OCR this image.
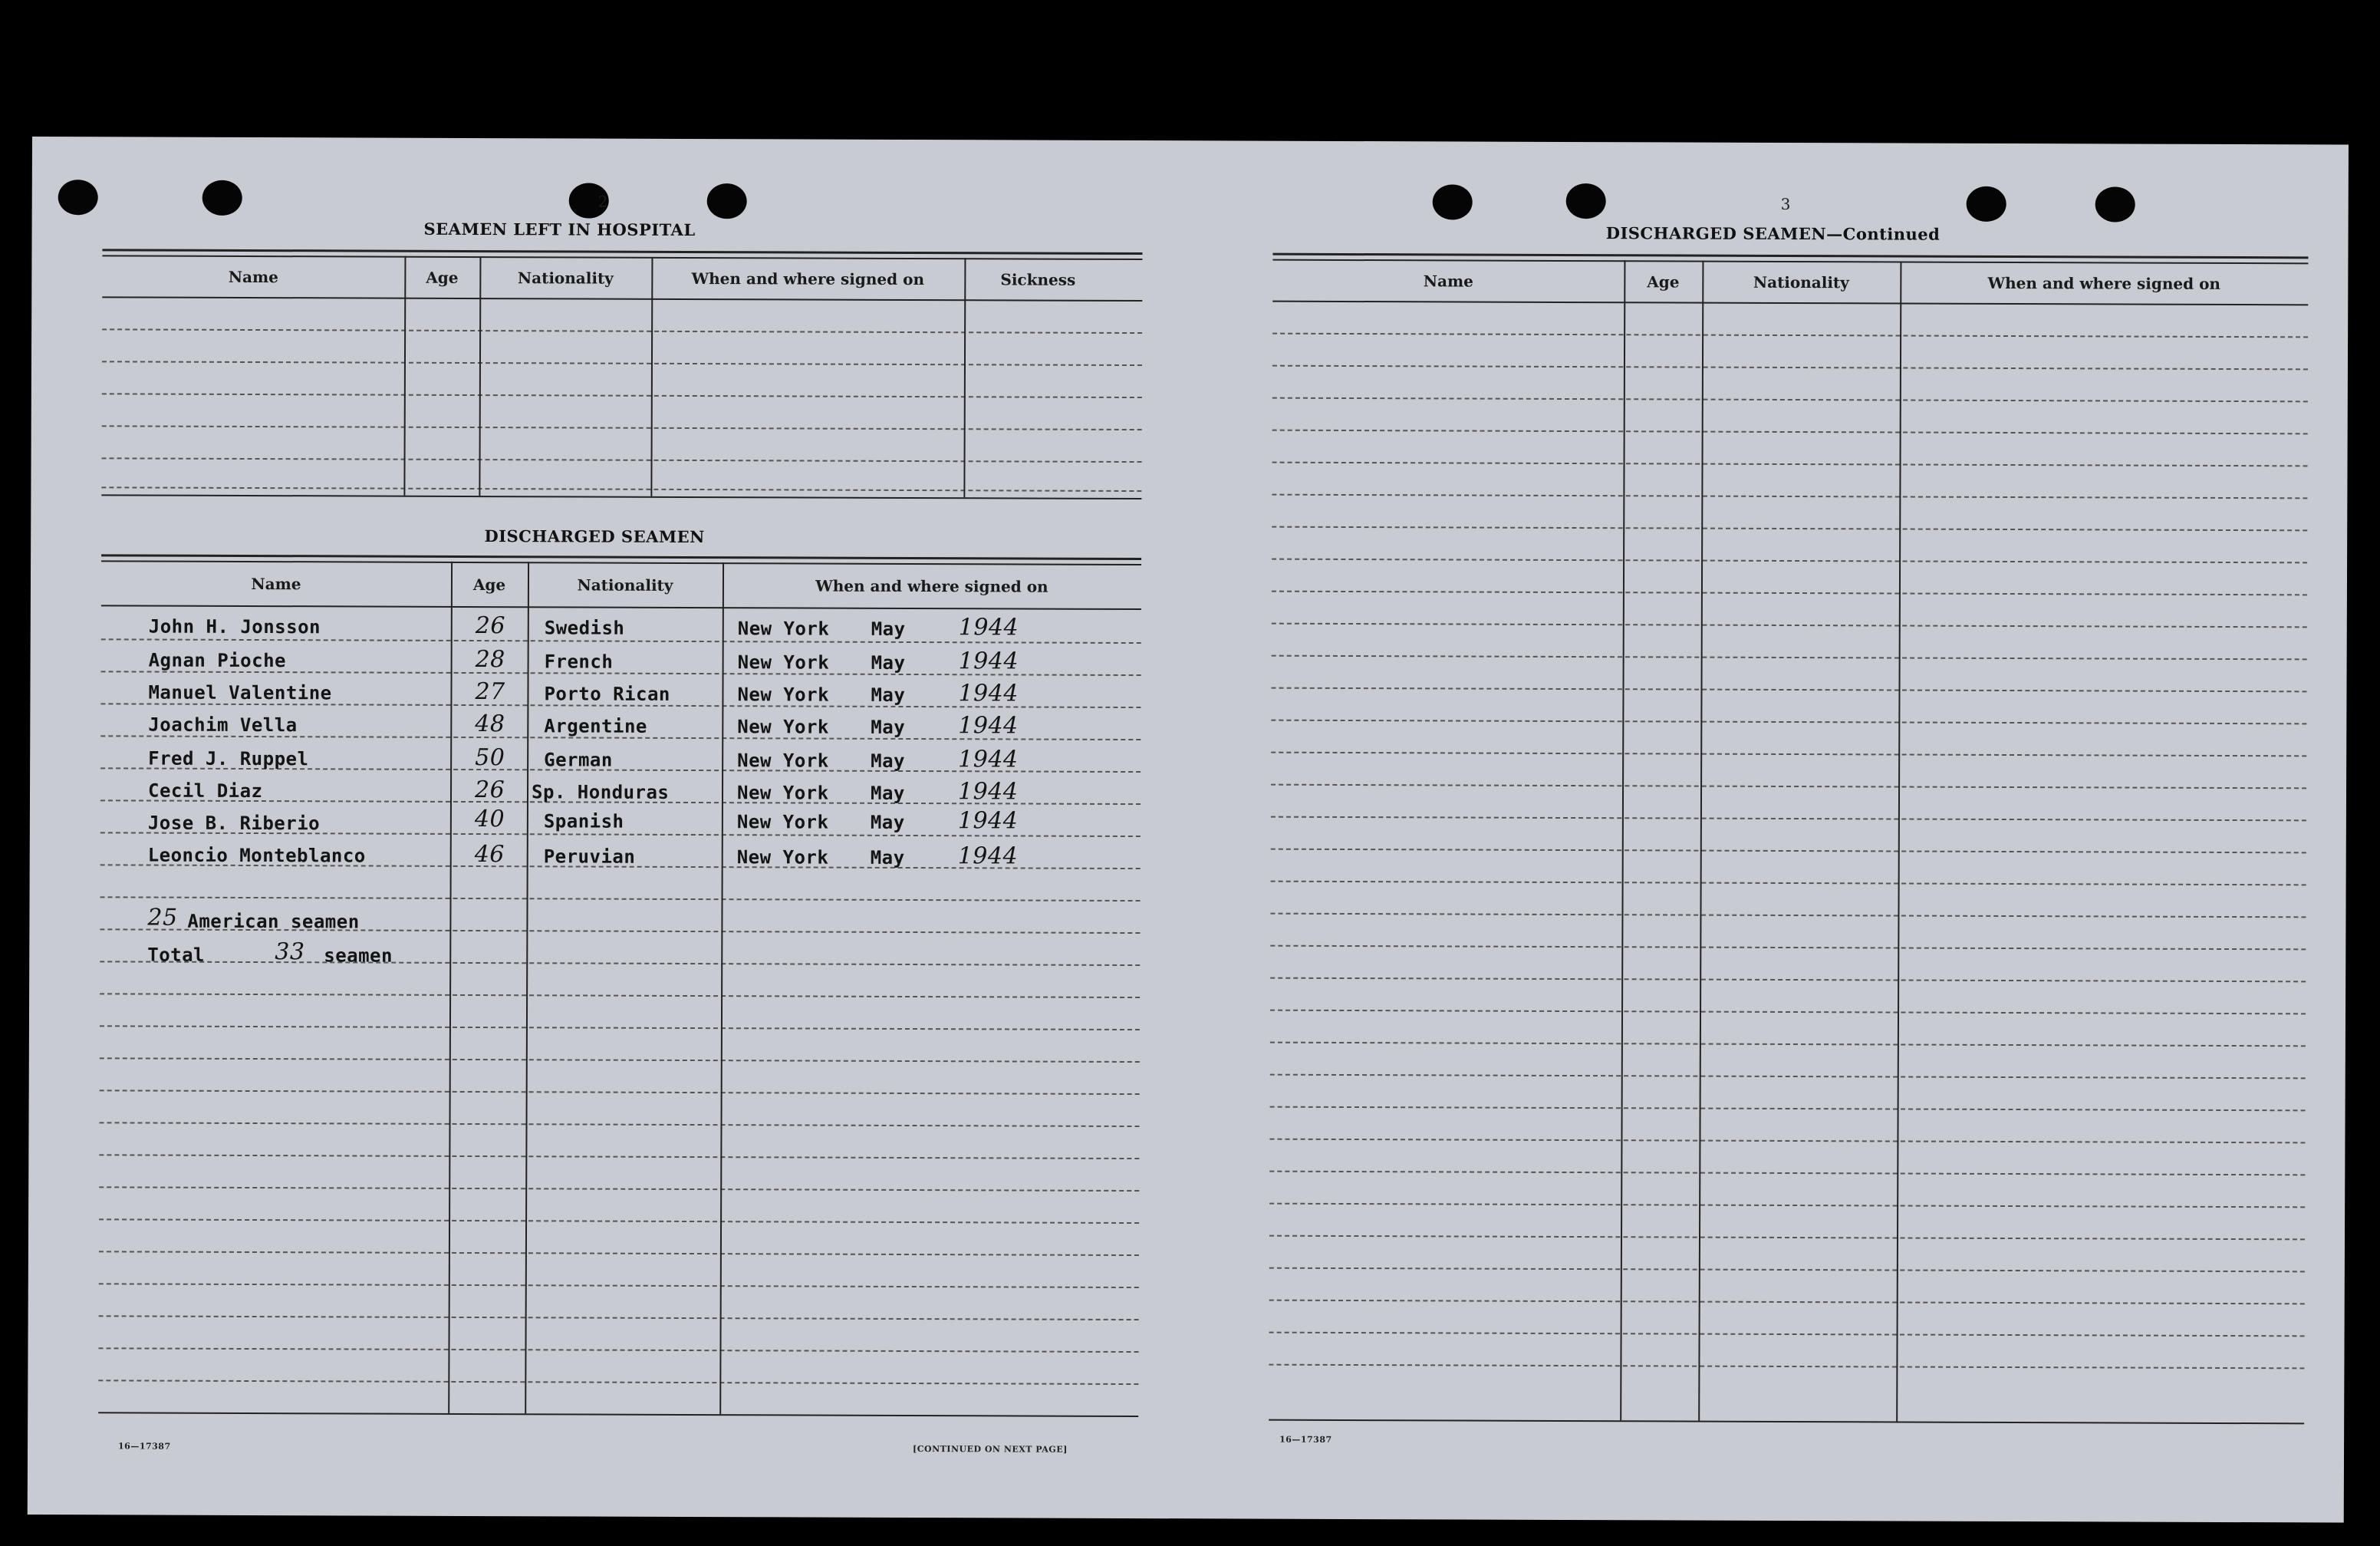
2
SEAMEN LEFT IN HOSPITAL
Name	Age	Nationality	When and where signed on	Sickness
DISCHARGED SEAMEN
Name	Age	Nationality	When and where signed on
John H. Jonsson	26 Swedish	New York May 1944
Agnan Pioche	28 French	New York May 1944
Manuel Valentine	27 Porto Rican	New York May 1944
Joachim Vella	48 Argentine	New York May 1944
Fred J. Ruppel	50 German	New York May 1944
Cecil Diaz	26 Sp. Honduras	New York May 1944
Jose B. Riberio	40 Spanish	New York May 1944
Leoncio Monteblanco	46 Peruvian	New York May 1944
25 American seamen
Total	33 seamen
16—17387	[CONTINUED ON NEXT PAGE]
3
DISCHARGED SEAMEN—Continued
Name	Age	Nationality	When and where signed on
16—17387
